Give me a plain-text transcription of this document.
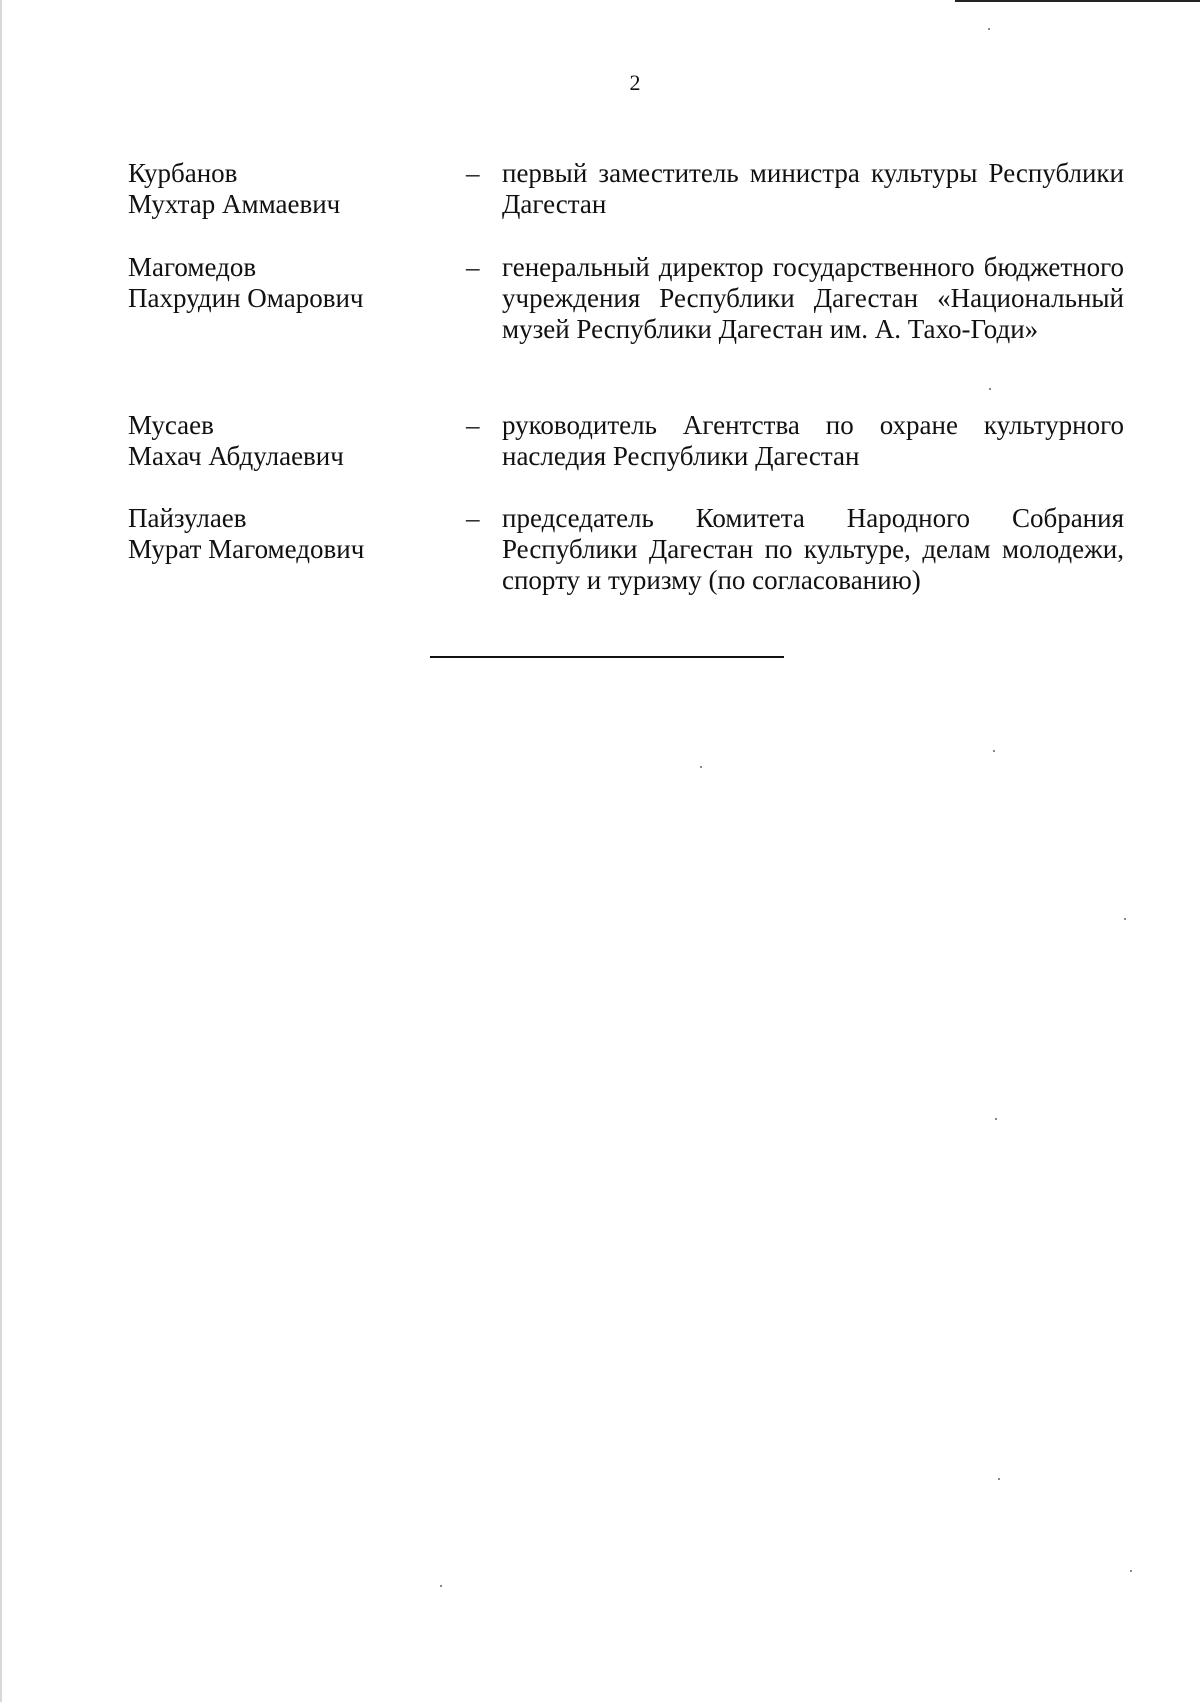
2
Курбанов
Мухтар Аммаевич
– первый заместитель министра культуры Республики Дагестан
Магомедов
Пахрудин Омарович
– генеральный директор государственного бюджетного учреждения Республики Дагестан «Национальный музей Республики Дагестан им. А. Тахо-Годи»
Мусаев
Махач Абдулаевич
– руководитель Агентства по охране культурного наследия Республики Дагестан
Пайзулаев
Мурат Магомедович
– председатель Комитета Народного Собрания Республики Дагестан по культуре, делам молодежи, спорту и туризму (по согласованию)
